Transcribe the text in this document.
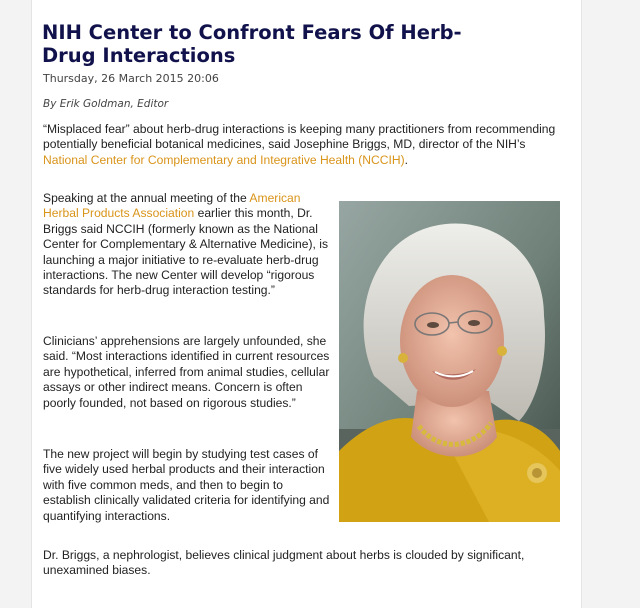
NIH Center to Confront Fears Of Herb-Drug Interactions
Thursday, 26 March 2015 20:06
By Erik Goldman, Editor

“Misplaced fear” about herb-drug interactions is keeping many practitioners from recommending potentially beneficial botanical medicines, said Josephine Briggs, MD, director of the NIH’s National Center for Complementary and Integrative Health (NCCIH).

Speaking at the annual meeting of the American Herbal Products Association earlier this month, Dr. Briggs said NCCIH (formerly known as the National Center for Complementary & Alternative Medicine), is launching a major initiative to re-evaluate herb-drug interactions. The new Center will develop “rigorous standards for herb-drug interaction testing.”

Clinicians’ apprehensions are largely unfounded, she said. “Most interactions identified in current resources are hypothetical, inferred from animal studies, cellular assays or other indirect means. Concern is often poorly founded, not based on rigorous studies.”

The new project will begin by studying test cases of five widely used herbal products and their interaction with five common meds, and then to begin to establish clinically validated criteria for identifying and quantifying interactions.

Dr. Briggs, a nephrologist, believes clinical judgment about herbs is clouded by significant, unexamined biases.
